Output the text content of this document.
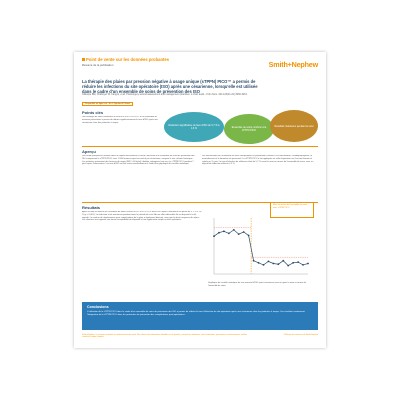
Point de vente sur les données probantes
Résumé de la publication	Smith+Nephew
La thérapie des plaies par pression négative à usage unique (sTPPN) PICO™ a permis de réduire les infections du site opératoire (ISO) après une césarienne, lorsqu'elle est utilisée dans le cadre d'un ensemble de soins de prévention des ISO
Gillespie BM, Chaboyer W, Kang E, et al. Postsurgery wound assessment and management practices: a chart audit. J Clin Nurs. 2014;23(21-22):3250-3261.
Disponible en ligne sur : Int J Gynaecol Obstet
Points clés
Une stratégie de soins combinant le recours à la sTPPN PICO et un ensemble de mesures préventives a permis de réduire significativement le taux d'ISO après une césarienne chez des patientes à risque.
Réduction significative du taux d'ISO de 5,7 % à 1,6 %	Ensemble de soins combiné à la sTPPN PICO
Résultats maintenus pendant le suivi
Aperçu
Une étude prospective réalisée dans un hôpital universitaire a évalué l'efficacité d'un ensemble de soins de prévention des ISO comprenant la sTPPN PICO chez 1 090 femmes ayant accouché par césarienne, comparé à une cohorte historique. Les patientes présentant des facteurs de risque (IMC ≥ 30 kg/m², diabète, tabagisme) ont reçu la sTPPN PICO pendant 7 jours après l'intervention. Les taux d'ISO ont été suivis mensuellement à l'aide d'un graphique de contrôle statistique.
Les interventions de l'ensemble de soins comprenaient la préparation cutanée à la chlorhexidine, l'antibioprophylaxie, la normothermie et la formation du personnel. La sTPPN PICO a été appliquée en salle d'opération sur l'incision fermée et retirée au 7e jour. Le taux d'infection de référence était de 5,7 % avant la mise en œuvre de l'ensemble de soins, avec un objectif de réduction inférieur à 2 %.
Résultats
Après la mise en œuvre de l'ensemble de soins incluant la sTPPN PICO, le taux d'ISO après césarienne est passé de 5,7 % à 1,6 % (p < 0,001). La réduction a été maintenue pendant toute la période de suivi. Aucun effet indésirable lié au dispositif n'a été signalé. Le nombre de réadmissions pour complications de la plaie a également diminué, ainsi que la durée moyenne de séjour. Les cliniciens ont rapporté une bonne acceptabilité du dispositif et une application simple au bloc opératoire.
Mise en œuvre de l'ensemble de soins avec sTPPN PICO
Graphique de contrôle statistique du taux mensuel d'ISO après césarienne avant et après la mise en œuvre de l'ensemble de soins.
Conclusions
L'utilisation de la sTPPN PICO dans le cadre d'un ensemble de soins de prévention des ISO a permis de réduire le taux d'infection du site opératoire après une césarienne chez les patientes à risque. Ces résultats soutiennent l'intégration de la sTPPN PICO dans les protocoles de prévention des complications post-opératoires.
Smith+Nephew. Ce résumé est destiné aux professionnels de santé. Pour obtenir des informations détaillées sur le produit, y compris les indications, contre-indications, précautions et avertissements, veuillez consulter le mode d'emploi.
™Marque de commerce de Smith+Nephew
